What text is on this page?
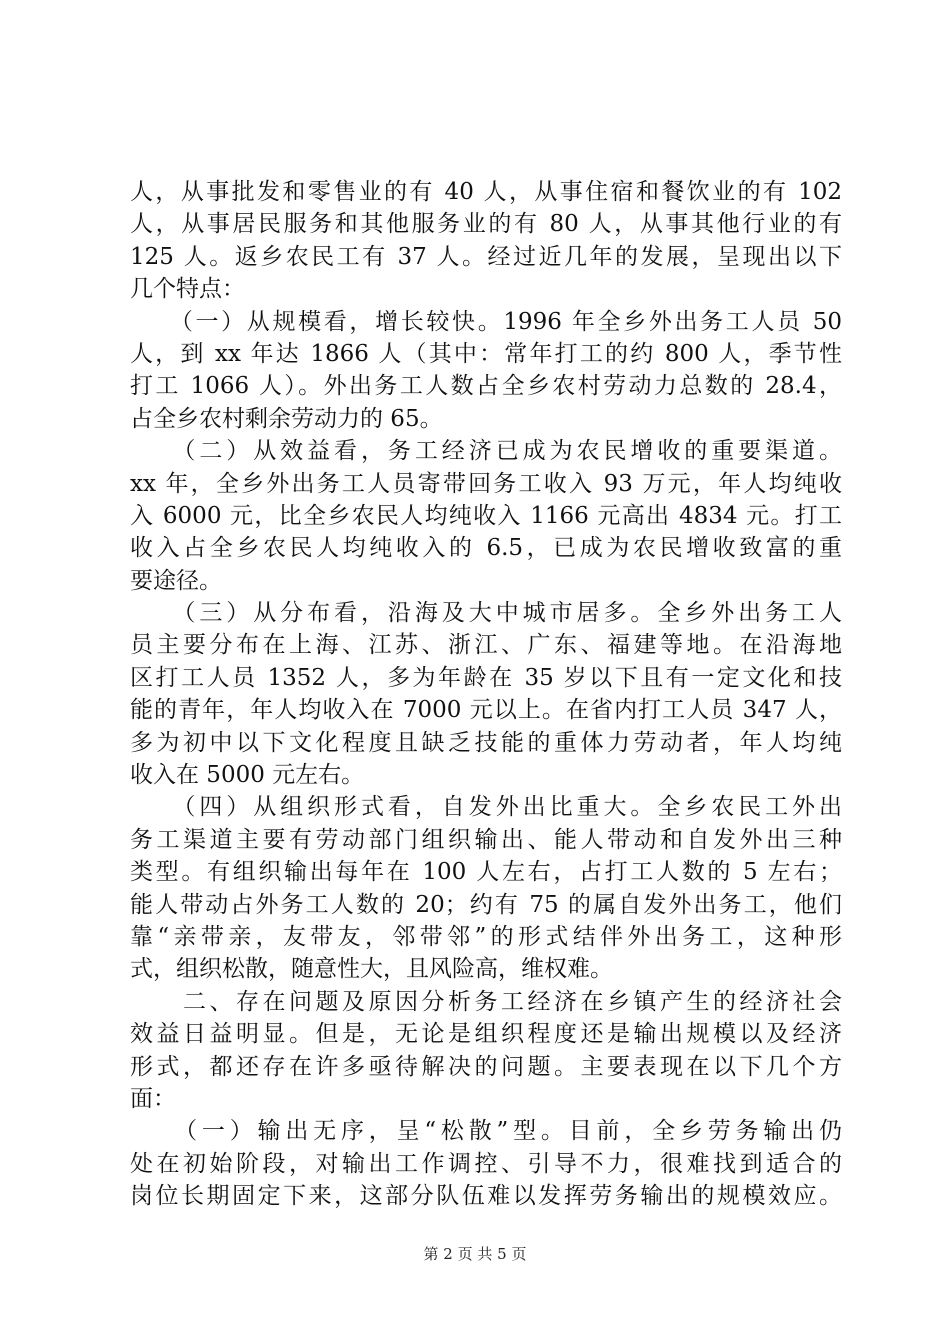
人，从事批发和零售业的有 40 人，从事住宿和餐饮业的有 102
人，从事居民服务和其他服务业的有 80 人，从事其他行业的有
125 人。返乡农民工有 37 人。经过近几年的发展，呈现出以下
几个特点：
　　（一）从规模看，增长较快。1996 年全乡外出务工人员 50
人，到 xx 年达 1866 人（其中：常年打工的约 800 人，季节性
打工 1066 人）。外出务工人数占全乡农村劳动力总数的 28.4，
占全乡农村剩余劳动力的 65。
　　（二）从效益看，务工经济已成为农民增收的重要渠道。
xx 年，全乡外出务工人员寄带回务工收入 93 万元，年人均纯收
入 6000 元，比全乡农民人均纯收入 1166 元高出 4834 元。打工
收入占全乡农民人均纯收入的 6.5，已成为农民增收致富的重
要途径。
　　（三）从分布看，沿海及大中城市居多。全乡外出务工人
员主要分布在上海、江苏、浙江、广东、福建等地。在沿海地
区打工人员 1352 人，多为年龄在 35 岁以下且有一定文化和技
能的青年，年人均收入在 7000 元以上。在省内打工人员 347 人，
多为初中以下文化程度且缺乏技能的重体力劳动者，年人均纯
收入在 5000 元左右。
　　（四）从组织形式看，自发外出比重大。全乡农民工外出
务工渠道主要有劳动部门组织输出、能人带动和自发外出三种
类型。有组织输出每年在 100 人左右，占打工人数的 5 左右；
能人带动占外务工人数的 20；约有 75 的属自发外出务工，他们
靠“亲带亲，友带友，邻带邻”的形式结伴外出务工，这种形
式，组织松散，随意性大，且风险高，维权难。
　　二、存在问题及原因分析务工经济在乡镇产生的经济社会
效益日益明显。但是，无论是组织程度还是输出规模以及经济
形式，都还存在许多亟待解决的问题。主要表现在以下几个方
面：
　　（一）输出无序，呈“松散”型。目前，全乡劳务输出仍
处在初始阶段，对输出工作调控、引导不力，很难找到适合的
岗位长期固定下来，这部分队伍难以发挥劳务输出的规模效应。
第 2 页 共 5 页
